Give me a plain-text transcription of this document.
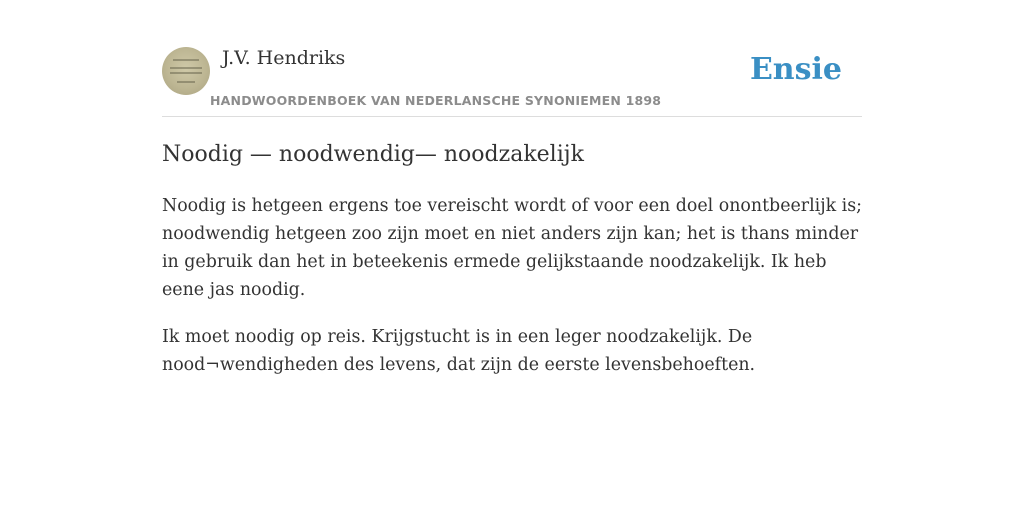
J.V. Hendriks
HANDWOORDENBOEK VAN NEDERLANSCHE SYNONIEMEN 1898
Ensie
Noodig — noodwendig— noodzakelijk

Noodig is hetgeen ergens toe vereischt wordt of voor een doel onontbeerlijk is; noodwendig hetgeen zoo zijn moet en niet anders zijn kan; het is thans minder in gebruik dan het in beteekenis ermede gelijkstaande noodzakelijk. Ik heb eene jas noodig.

Ik moet noodig op reis. Krijgstucht is in een leger noodzakelijk. De nood¬wendigheden des levens, dat zijn de eerste levensbehoeften.
